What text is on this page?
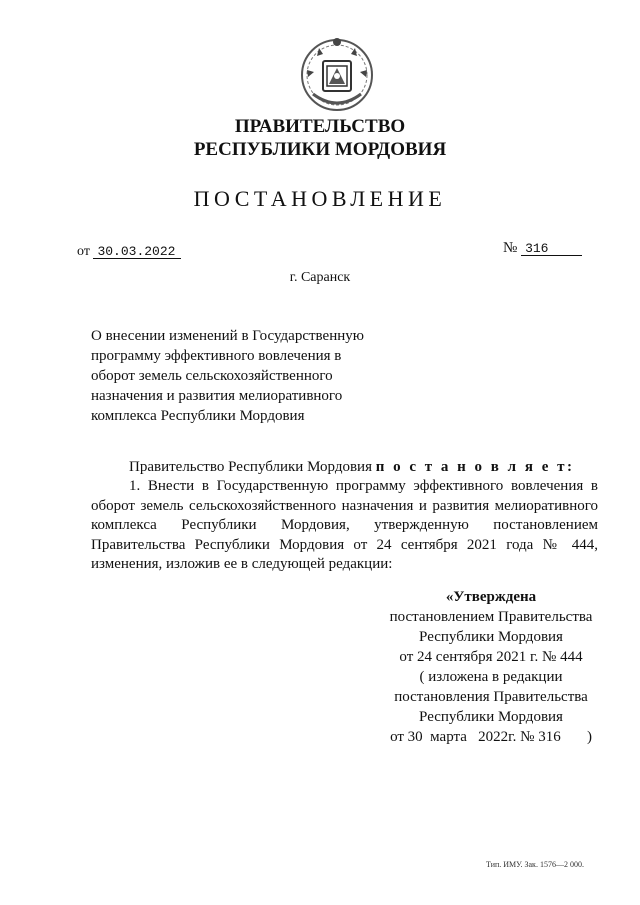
ПРАВИТЕЛЬСТВО
РЕСПУБЛИКИ МОРДОВИЯ
ПОСТАНОВЛЕНИЕ
от 30.03.2022	№ 316
г. Саранск
О внесении изменений в Государственную
программу эффективного вовлечения в
оборот земель сельскохозяйственного
назначения и развития мелиоративного
комплекса Республики Мордовия
Правительство Республики Мордовия п о с т а н о в л я е т:
1. Внести в Государственную программу эффективного вовлечения в оборот земель сельскохозяйственного назначения и развития мелиоративного комплекса Республики Мордовия, утвержденную постановлением Правительства Республики Мордовия от 24 сентября 2021 года № 444, изменения, изложив ее в следующей редакции:
«Утверждена
постановлением Правительства
Республики Мордовия
от 24 сентября 2021 г. № 444
( изложена в редакции
постановления Правительства
Республики Мордовия
от 30  марта   2022г. № 316       )
Тип. ИМУ. Зак. 1576—2 000.
